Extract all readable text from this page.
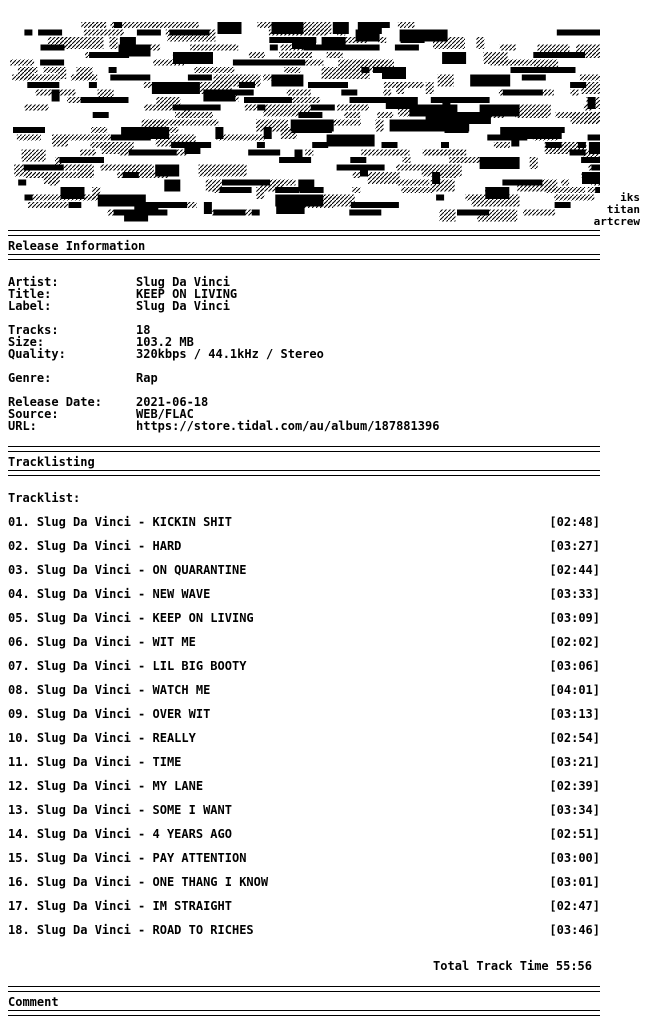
iks
titan
artcrew
Release Information
Artist:	Slug Da Vinci
Title:	KEEP ON LIVING
Label:	Slug Da Vinci
Tracks:	18
Size:	103.2 MB
Quality:	320kbps / 44.1kHz / Stereo
Genre:	Rap
Release Date:	2021-06-18
Source:	WEB/FLAC
URL:	https://store.tidal.com/au/album/187881396
Tracklisting
Tracklist:
01. Slug Da Vinci - KICKIN SHIT	[02:48]
02. Slug Da Vinci - HARD	[03:27]
03. Slug Da Vinci - ON QUARANTINE	[02:44]
04. Slug Da Vinci - NEW WAVE	[03:33]
05. Slug Da Vinci - KEEP ON LIVING	[03:09]
06. Slug Da Vinci - WIT ME	[02:02]
07. Slug Da Vinci - LIL BIG BOOTY	[03:06]
08. Slug Da Vinci - WATCH ME	[04:01]
09. Slug Da Vinci - OVER WIT	[03:13]
10. Slug Da Vinci - REALLY	[02:54]
11. Slug Da Vinci - TIME	[03:21]
12. Slug Da Vinci - MY LANE	[02:39]
13. Slug Da Vinci - SOME I WANT	[03:34]
14. Slug Da Vinci - 4 YEARS AGO	[02:51]
15. Slug Da Vinci - PAY ATTENTION	[03:00]
16. Slug Da Vinci - ONE THANG I KNOW	[03:01]
17. Slug Da Vinci - IM STRAIGHT	[02:47]
18. Slug Da Vinci - ROAD TO RICHES	[03:46]
Total Track Time 55:56
Comment
